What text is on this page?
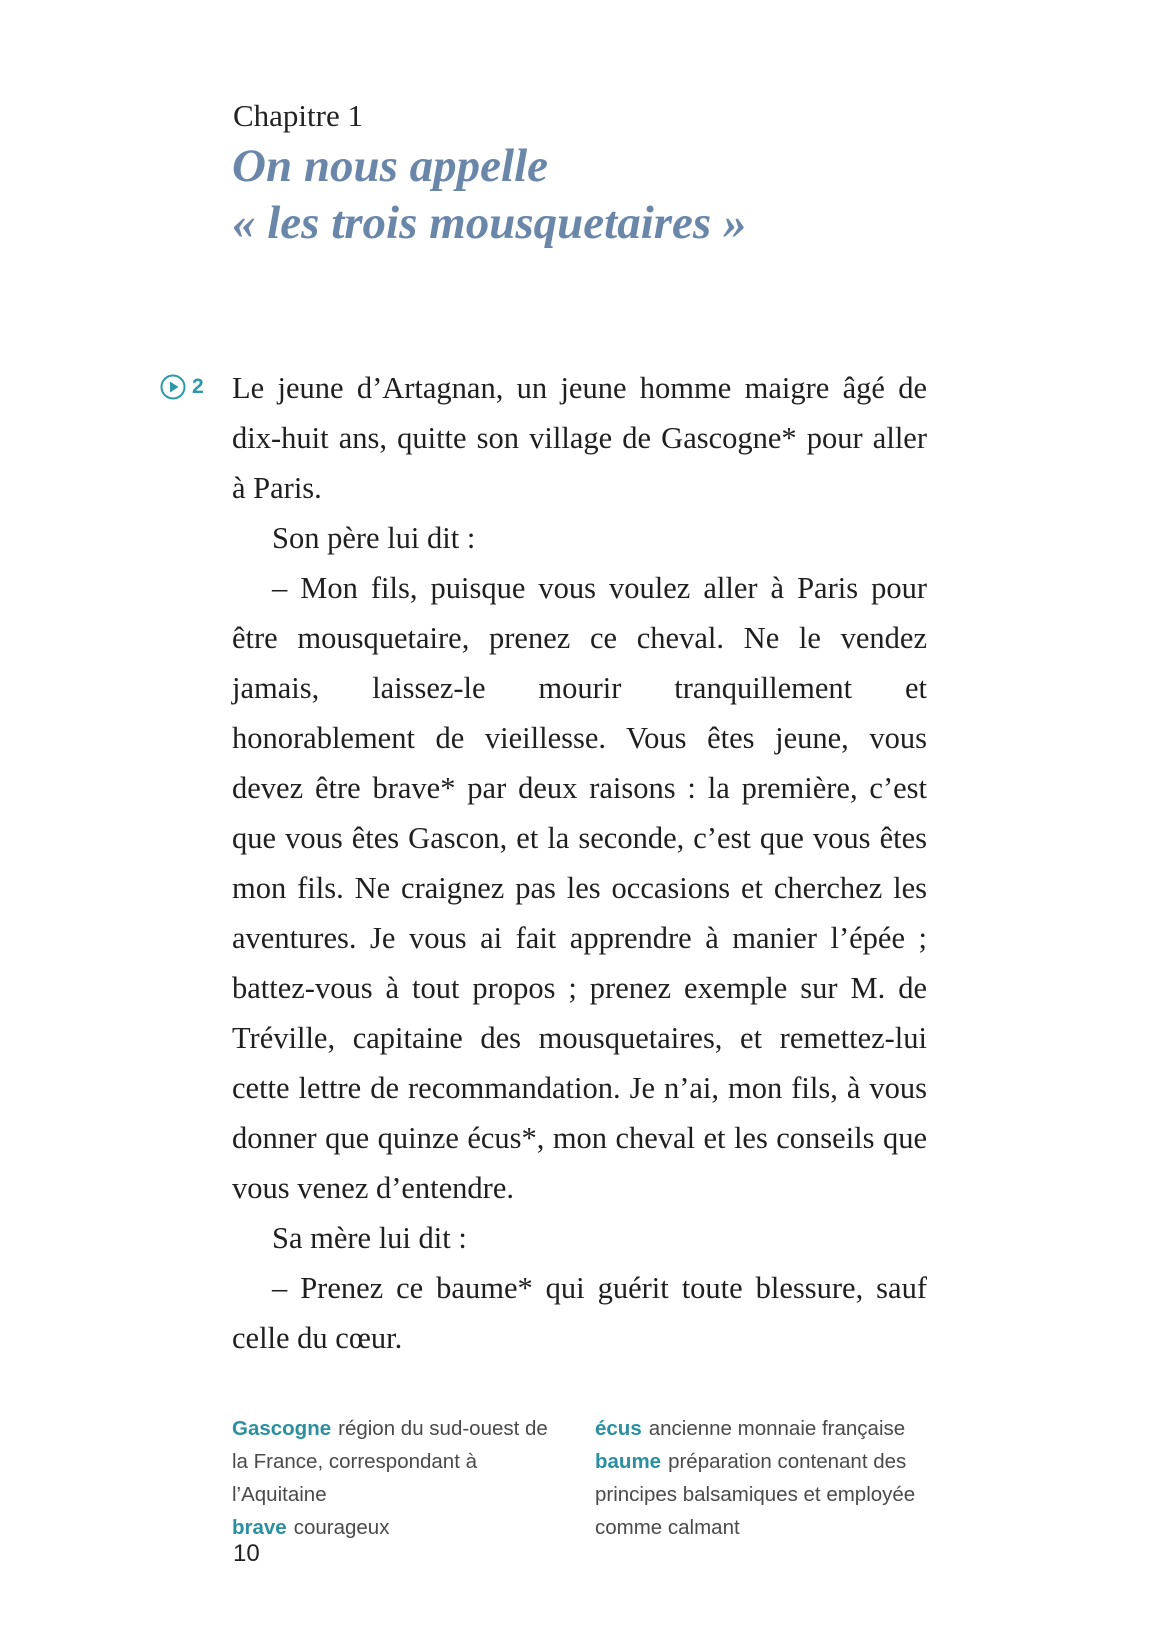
Chapitre 1
On nous appelle
« les trois mousquetaires »
2 Le jeune d’Artagnan, un jeune homme maigre âgé de dix-huit ans, quitte son village de Gascogne* pour aller à Paris.

Son père lui dit :

– Mon fils, puisque vous voulez aller à Paris pour être mousquetaire, prenez ce cheval. Ne le vendez jamais, laissez-le mourir tranquillement et honorablement de vieillesse. Vous êtes jeune, vous devez être brave* par deux raisons : la première, c’est que vous êtes Gascon, et la seconde, c’est que vous êtes mon fils. Ne craignez pas les occasions et cherchez les aventures. Je vous ai fait apprendre à manier l’épée ; battez-vous à tout propos ; prenez exemple sur M. de Tréville, capitaine des mousquetaires, et remettez-lui cette lettre de recommandation. Je n’ai, mon fils, à vous donner que quinze écus*, mon cheval et les conseils que vous venez d’entendre.

Sa mère lui dit :

– Prenez ce baume* qui guérit toute blessure, sauf celle du cœur.

Gascogne région du sud-ouest de la France, correspondant à l’Aquitaine

brave courageux

écus ancienne monnaie française

baume préparation contenant des principes balsamiques et employée comme calmant

10
